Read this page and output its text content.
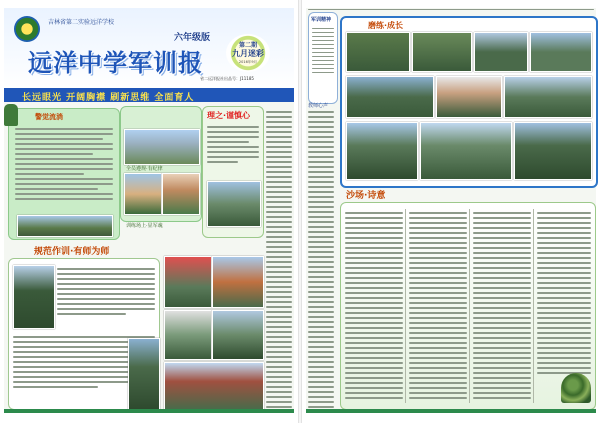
吉林省第二实验远洋学校
六年级版
远洋中学军训报
第二期
九月迷彩
2016年9月
省二远洋报社出品号：J11185
长远眼光 开阔胸襟 刷新思维 全面育人
警觉流淌
全员遵规·有纪律
训练场上·显军魂
理之·谨慎心
规范作训·有师为师
军训精神
教师心声
磨练·成长
沙场·诗意
